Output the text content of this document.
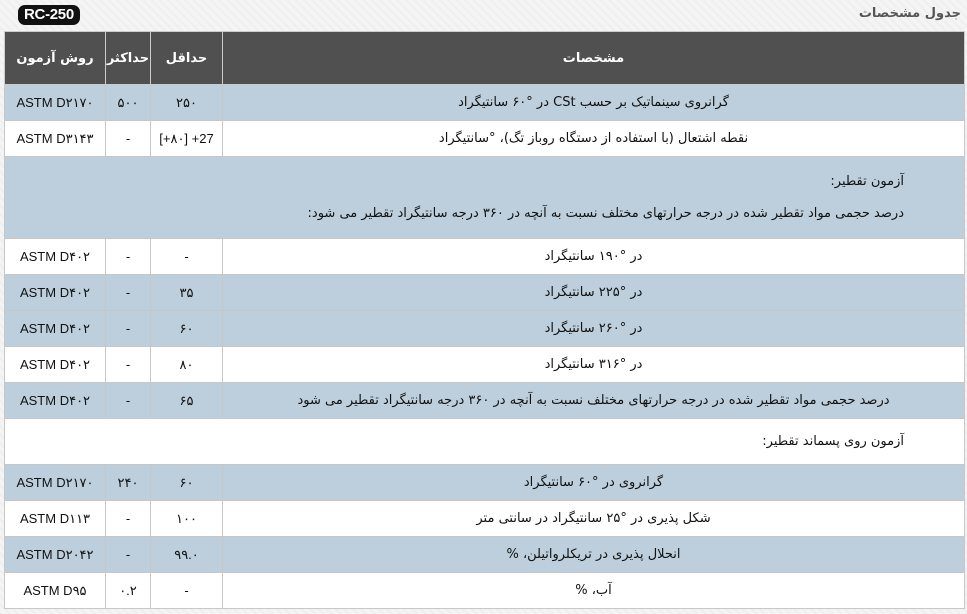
RC-250	جدول مشخصات
مشخصات	حداقل	حداکثر	روش آزمون
گرانروی سینماتیک بر حسب CSt در °۶۰ سانتیگراد	۲۵۰	۵۰۰	ASTM D۲۱۷۰
نقطه اشتعال (با استفاده از دستگاه روباز تگ)، °سانتیگراد	[+۸۰] +27	-	ASTM D۳۱۴۳

آزمون تقطیر:
درصد حجمی مواد تقطیر شده در درجه حرارتهای مختلف نسبت به آنچه در ۳۶۰ درجه سانتیگراد تقطیر می شود:			

در °۱۹۰ سانتیگراد	-	-	ASTM D۴۰۲
در °۲۲۵ سانتیگراد	۳۵	-	ASTM D۴۰۲
در °۲۶۰ سانتیگراد	۶۰	-	ASTM D۴۰۲
در °۳۱۶ سانتیگراد	۸۰	-	ASTM D۴۰۲
درصد حجمی مواد تقطیر شده در درجه حرارتهای مختلف نسبت به آنچه در ۳۶۰ درجه سانتیگراد تقطیر می شود	۶۵	-	ASTM D۴۰۲

آزمون روی پسماند تقطیر:			

گرانروی در °۶۰ سانتیگراد	۶۰	۲۴۰	ASTM D۲۱۷۰
شکل پذیری در °۲۵ سانتیگراد در سانتی متر	۱۰۰	-	ASTM D۱۱۳
انحلال پذیری در تریکلرواتیلن، %	۹۹.۰	-	ASTM D۲۰۴۲
آب، %	-	۰.۲	ASTM D۹۵
